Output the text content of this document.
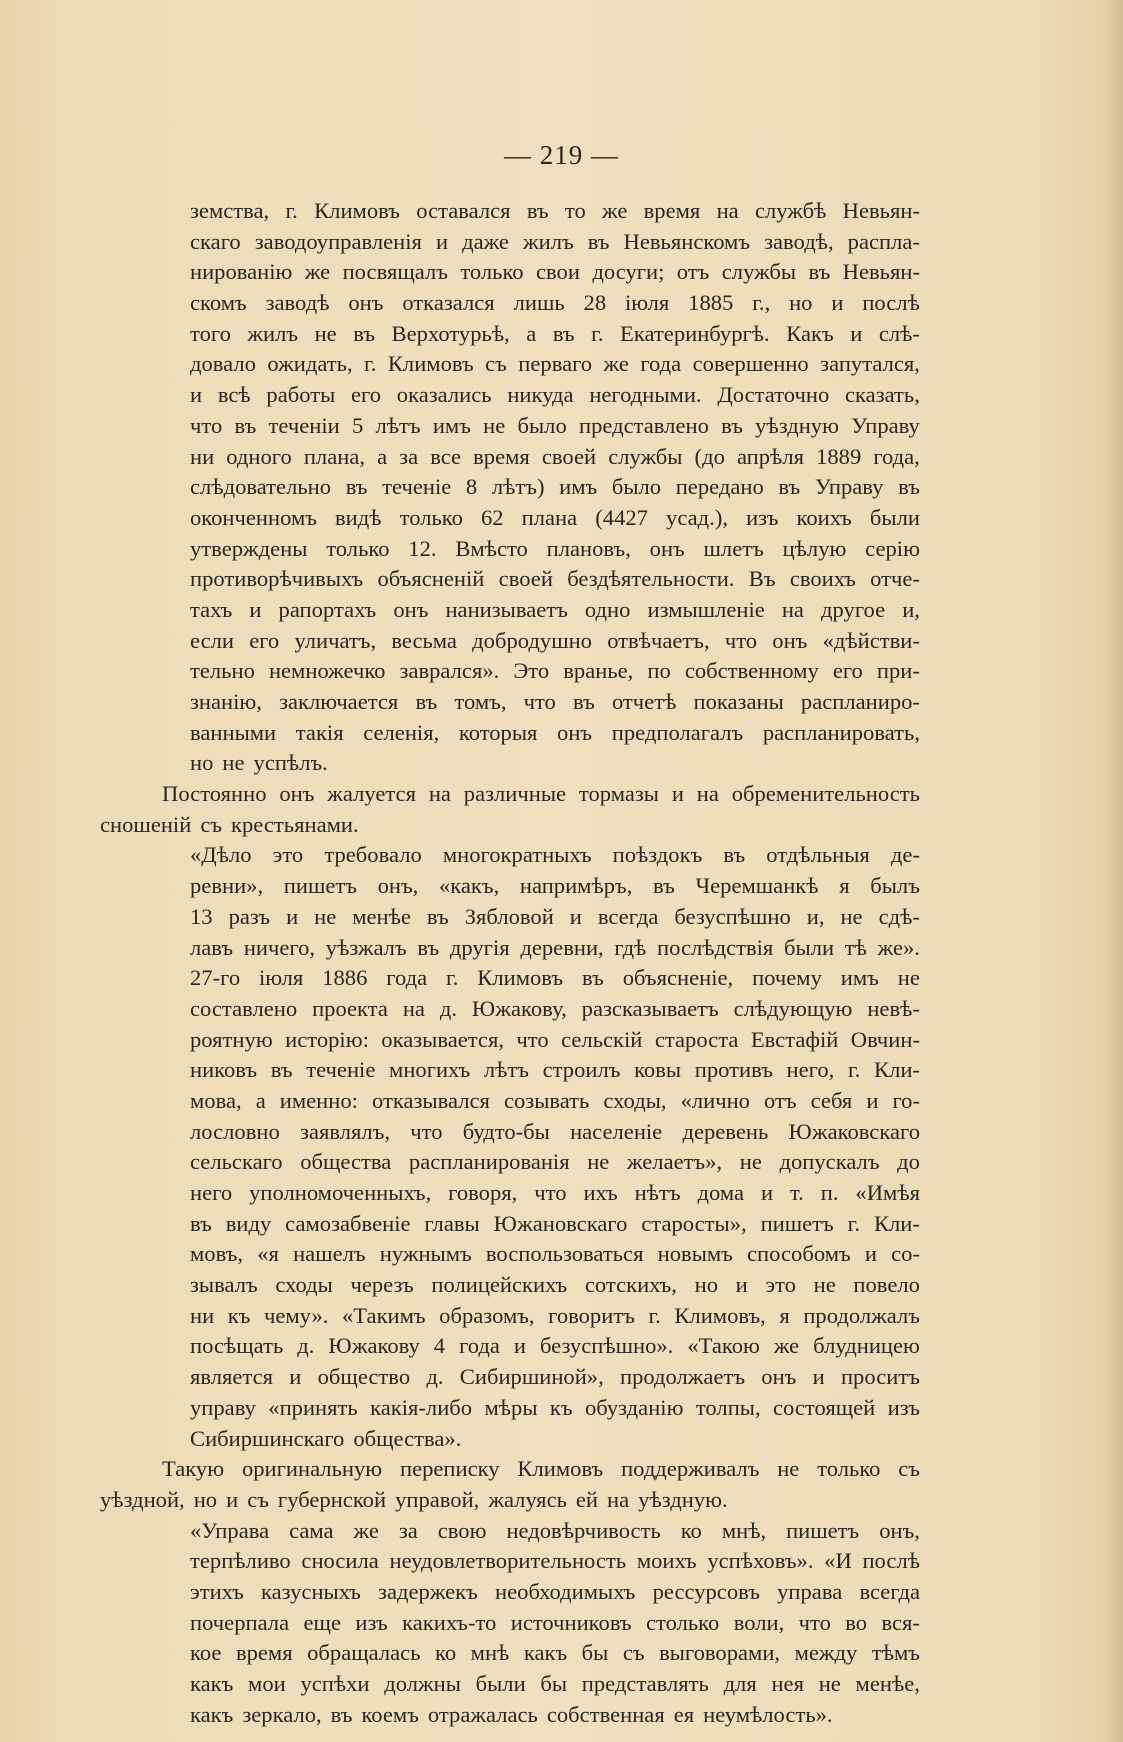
— 219 —
земства, г. Климовъ оставался въ то же время на службѣ Невьян-
скаго заводоуправленія и даже жилъ въ Невьянскомъ заводѣ, распла-
нированію же посвящалъ только свои досуги; отъ службы въ Невьян-
скомъ заводѣ онъ отказался лишь 28 іюля 1885 г., но и послѣ
того жилъ не въ Верхотурьѣ, а въ г. Екатеринбургѣ. Какъ и слѣ-
довало ожидать, г. Климовъ съ перваго же года совершенно запутался,
и всѣ работы его оказались никуда негодными. Достаточно сказать,
что въ теченіи 5 лѣтъ имъ не было представлено въ уѣздную Управу
ни одного плана, а за все время своей службы (до апрѣля 1889 года,
слѣдовательно въ теченіе 8 лѣтъ) имъ было передано въ Управу въ
оконченномъ видѣ только 62 плана (4427 усад.), изъ коихъ были
утверждены только 12. Вмѣсто плановъ, онъ шлетъ цѣлую серію
противорѣчивыхъ объясненій своей бездѣятельности. Въ своихъ отче-
тахъ и рапортахъ онъ нанизываетъ одно измышленіе на другое и,
если его уличатъ, весьма добродушно отвѣчаетъ, что онъ «дѣйстви-
тельно немножечко заврался». Это вранье, по собственному его при-
знанію, заключается въ томъ, что въ отчетѣ показаны распланиро-
ванными такія селенія, которыя онъ предполагалъ распланировать,
но не успѣлъ.
Постоянно онъ жалуется на различные тормазы и на обременительность
сношеній съ крестьянами.
«Дѣло это требовало многократныхъ поѣздокъ въ отдѣльныя де-
ревни», пишетъ онъ, «какъ, напримѣръ, въ Черемшанкѣ я былъ
13 разъ и не менѣе въ Зябловой и всегда безуспѣшно и, не сдѣ-
лавъ ничего, уѣзжалъ въ другія деревни, гдѣ послѣдствія были тѣ же».
27-го іюля 1886 года г. Климовъ въ объясненіе, почему имъ не
составлено проекта на д. Южакову, разсказываетъ слѣдующую невѣ-
роятную исторію: оказывается, что сельскій староста Евстафій Овчин-
никовъ въ теченіе многихъ лѣтъ строилъ ковы противъ него, г. Кли-
мова, а именно: отказывался созывать сходы, «лично отъ себя и го-
лословно заявлялъ, что будто-бы населеніе деревень Южаковскаго
сельскаго общества распланированія не желаетъ», не допускалъ до
него уполномоченныхъ, говоря, что ихъ нѣтъ дома и т. п. «Имѣя
въ виду самозабвеніе главы Южановскаго старосты», пишетъ г. Кли-
мовъ, «я нашелъ нужнымъ воспользоваться новымъ способомъ и со-
зывалъ сходы черезъ полицейскихъ сотскихъ, но и это не повело
ни къ чему». «Такимъ образомъ, говоритъ г. Климовъ, я продолжалъ
посѣщать д. Южакову 4 года и безуспѣшно». «Такою же блудницею
является и общество д. Сибиршиной», продолжаетъ онъ и проситъ
управу «принять какія-либо мѣры къ обузданію толпы, состоящей изъ
Сибиршинскаго общества».
Такую оригинальную переписку Климовъ поддерживалъ не только съ
уѣздной, но и съ губернской управой, жалуясь ей на уѣздную.
«Управа сама же за свою недовѣрчивость ко мнѣ, пишетъ онъ,
терпѣливо сносила неудовлетворительность моихъ успѣховъ». «И послѣ
этихъ казусныхъ задержекъ необходимыхъ рессурсовъ управа всегда
почерпала еще изъ какихъ-то источниковъ столько воли, что во вся-
кое время обращалась ко мнѣ какъ бы съ выговорами, между тѣмъ
какъ мои успѣхи должны были бы представлять для нея не менѣе,
какъ зеркало, въ коемъ отражалась собственная ея неумѣлость».
